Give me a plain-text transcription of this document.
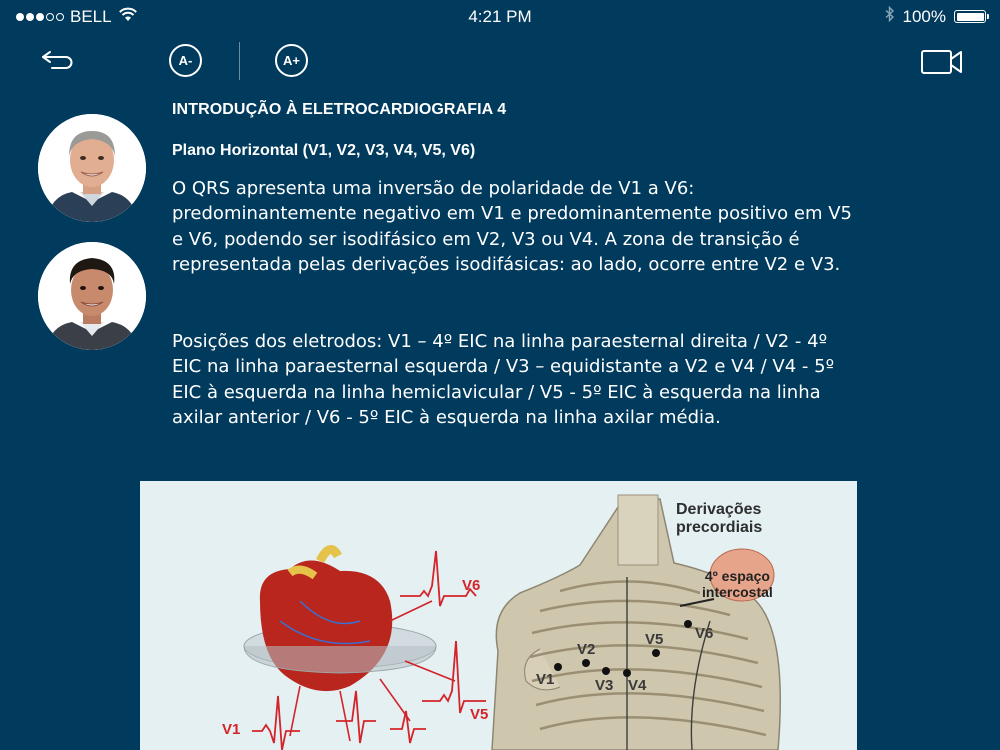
BELL	4:21 PM	100%
A-	A+
INTRODUÇÃO À ELETROCARDIOGRAFIA 4
Plano Horizontal (V1, V2, V3, V4, V5, V6)

O QRS apresenta uma inversão de polaridade de V1 a V6: predominantemente negativo em V1 e predominantemente positivo em V5 e V6, podendo ser isodifásico em V2, V3 ou V4. A zona de transição é representada pelas derivações isodifásicas: ao lado, ocorre entre V2 e V3.

Posições dos eletrodos: V1 – 4º EIC na linha paraesternal direita / V2 - 4º EIC na linha paraesternal esquerda / V3 – equidistante a V2 e V4 / V4 - 5º EIC à esquerda na linha hemiclavicular / V5 - 5º EIC à esquerda na linha axilar anterior / V6 - 5º EIC à esquerda na linha axilar média.

Derivações
precordiais
4º espaço
intercostal
V6
V5
V1
V1
V2
V3 V4
V5 V6
